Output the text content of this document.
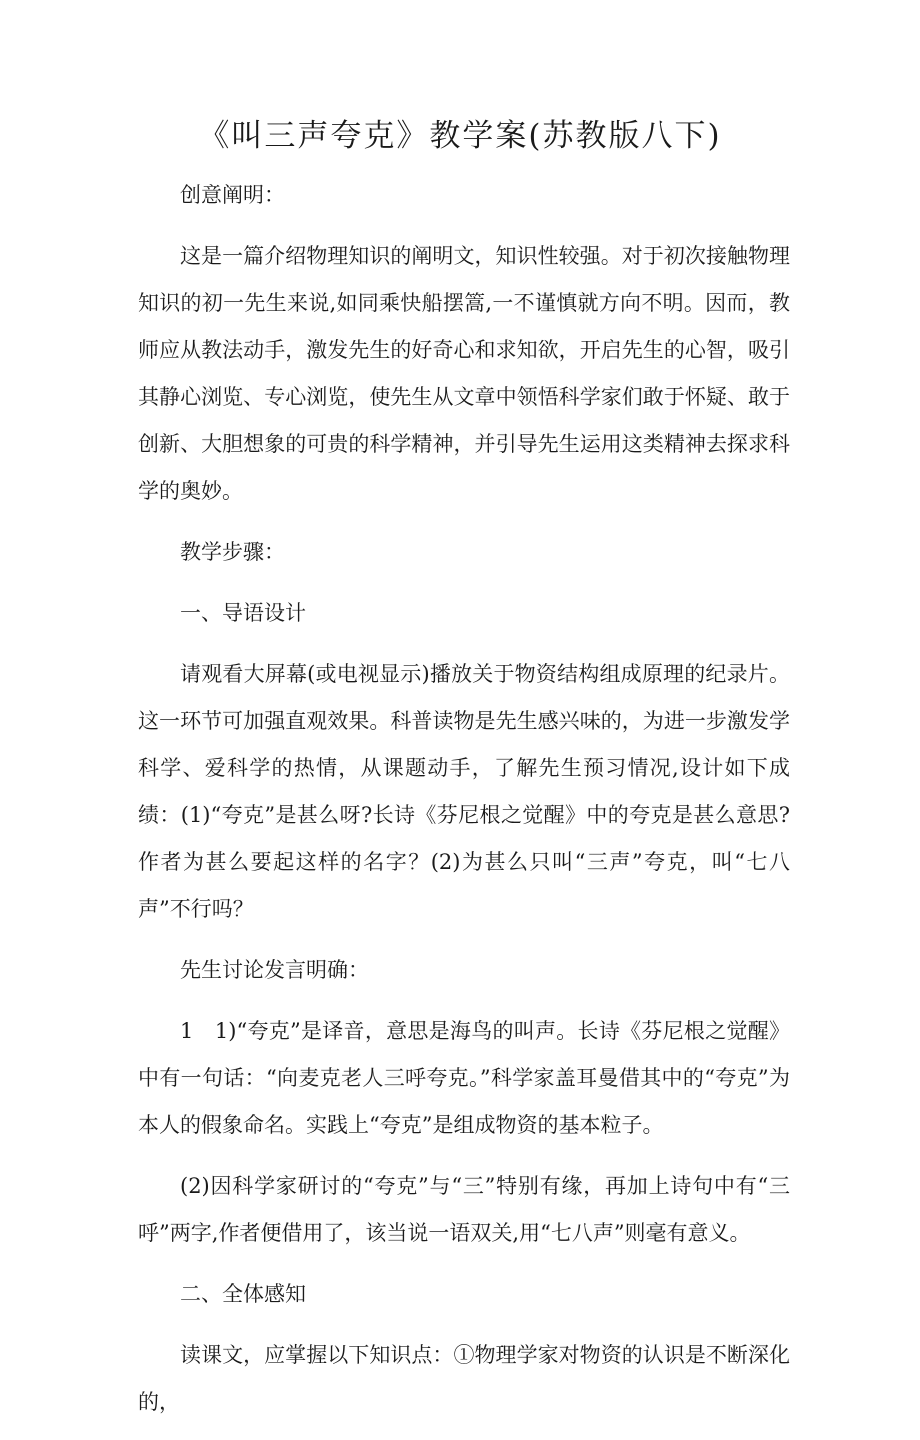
《叫三声夸克》教学案(苏教版八下)

创意阐明：

这是一篇介绍物理知识的阐明文，知识性较强。对于初次接触物理知识的初一先生来说,如同乘快船摆篙,一不谨慎就方向不明。因而，教师应从教法动手，激发先生的好奇心和求知欲，开启先生的心智，吸引其静心浏览、专心浏览，使先生从文章中领悟科学家们敢于怀疑、敢于创新、大胆想象的可贵的科学精神，并引导先生运用这类精神去探求科学的奥妙。

教学步骤：

一、导语设计

请观看大屏幕(或电视显示)播放关于物资结构组成原理的纪录片。这一环节可加强直观效果。科普读物是先生感兴味的，为进一步激发学科学、爱科学的热情，从课题动手，了解先生预习情况,设计如下成绩：(1)“夸克”是甚么呀?长诗《芬尼根之觉醒》中的夸克是甚么意思?作者为甚么要起这样的名字？(2)为甚么只叫“三声”夸克，叫“七八声”不行吗？

先生讨论发言明确：

1　1)“夸克”是译音，意思是海鸟的叫声。长诗《芬尼根之觉醒》中有一句话：“向麦克老人三呼夸克。”科学家盖耳曼借其中的“夸克”为本人的假象命名。实践上“夸克”是组成物资的基本粒子。

(2)因科学家研讨的“夸克”与“三”特别有缘，再加上诗句中有“三呼”两字,作者便借用了，该当说一语双关,用“七八声”则毫有意义。

二、全体感知

读课文，应掌握以下知识点：①物理学家对物资的认识是不断深化的，
